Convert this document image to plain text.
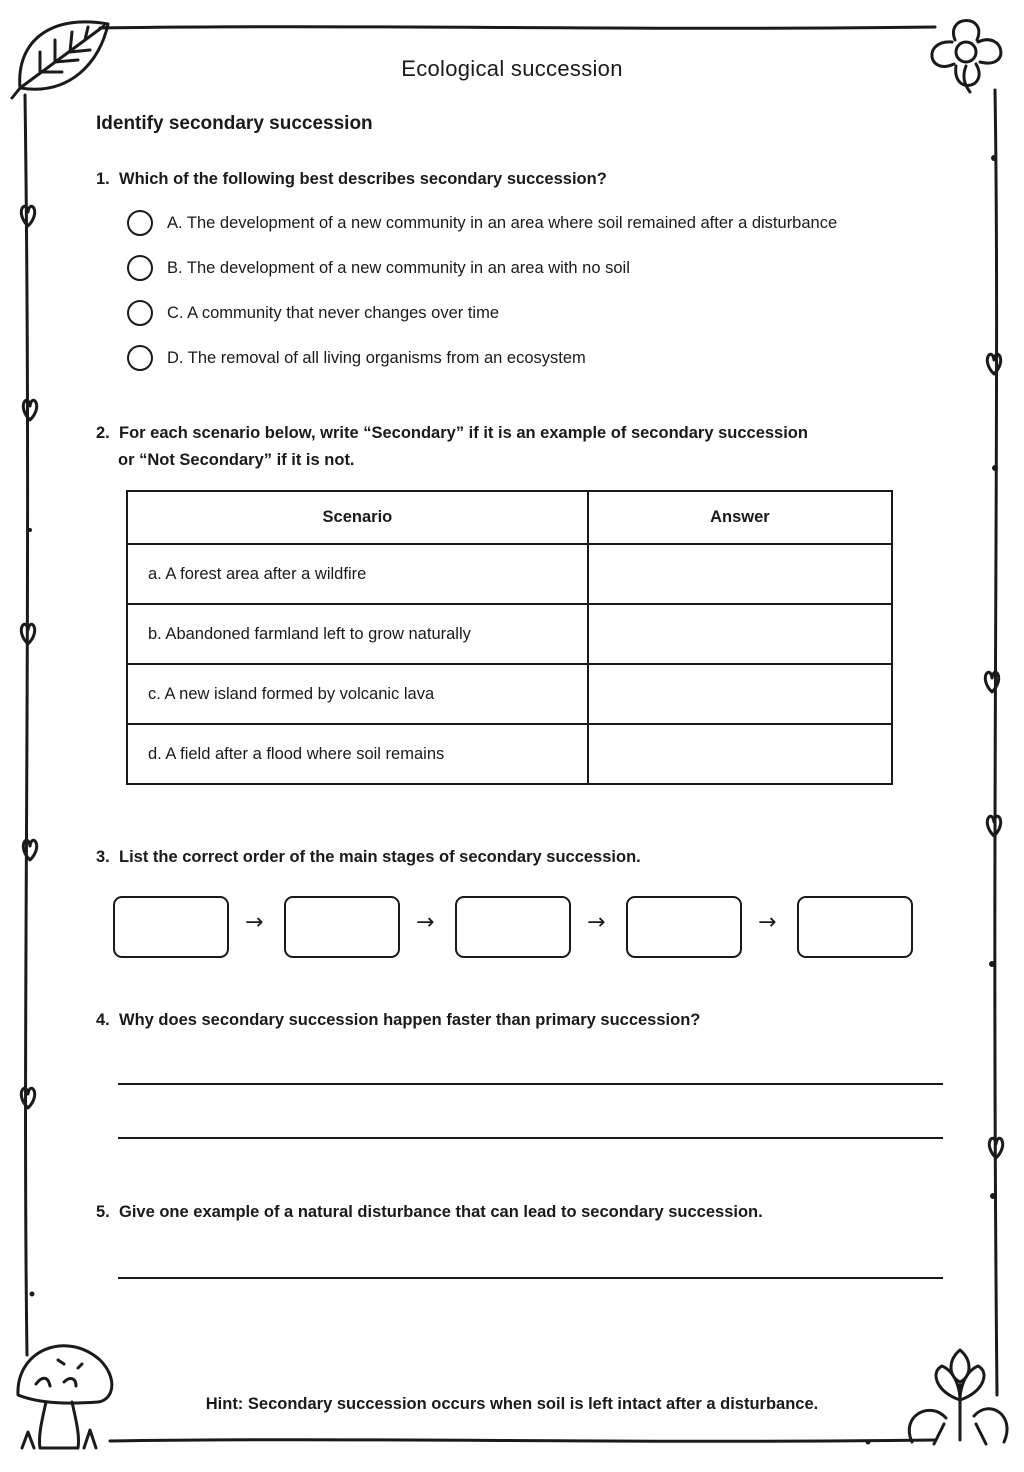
Ecological succession
Identify secondary succession
1. Which of the following best describes secondary succession?
A. The development of a new community in an area where soil remained after a disturbance
B. The development of a new community in an area with no soil
C. A community that never changes over time
D. The removal of all living organisms from an ecosystem
2. For each scenario below, write “Secondary” if it is an example of secondary succession
or “Not Secondary” if it is not.
Scenario	Answer
a. A forest area after a wildfire	
b. Abandoned farmland left to grow naturally	
c. A new island formed by volcanic lava	
d. A field after a flood where soil remains	
3. List the correct order of the main stages of secondary succession.
→	→	→	→
4. Why does secondary succession happen faster than primary succession?
5. Give one example of a natural disturbance that can lead to secondary succession.
Hint: Secondary succession occurs when soil is left intact after a disturbance.
